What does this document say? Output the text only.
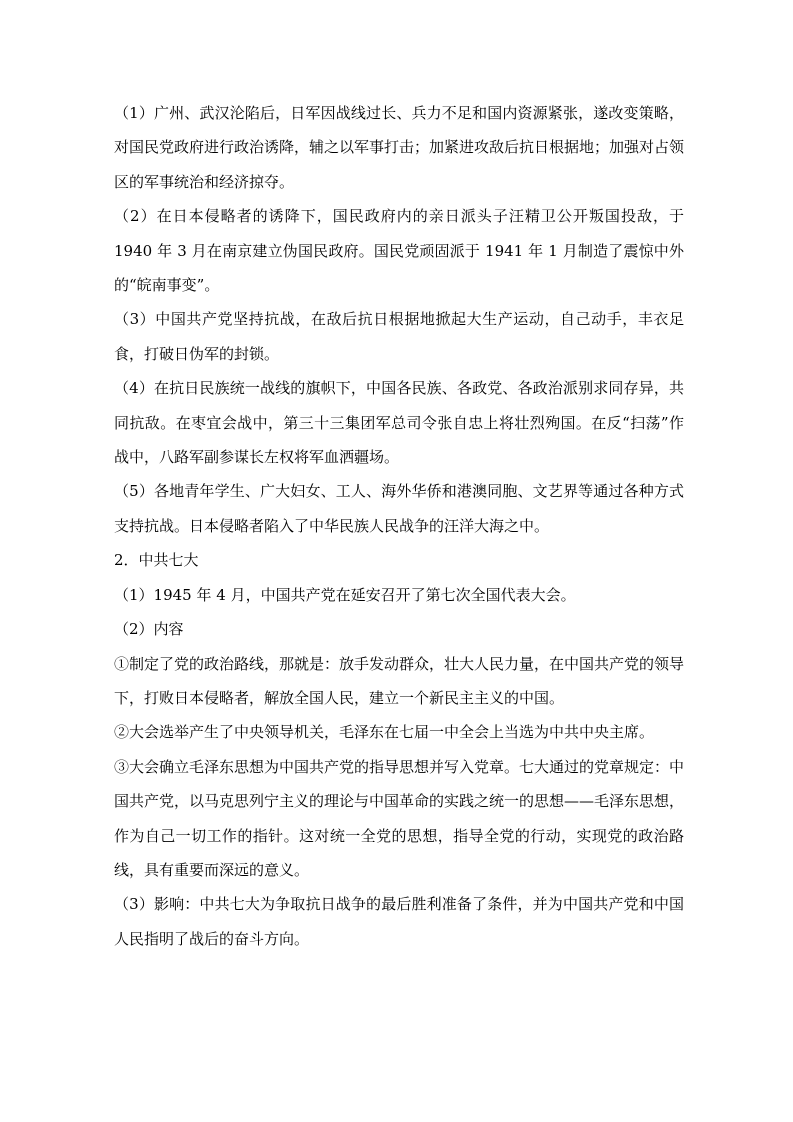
（1）广州、武汉沦陷后，日军因战线过长、兵力不足和国内资源紧张，遂改变策略，对国民党政府进行政治诱降，辅之以军事打击；加紧进攻敌后抗日根据地；加强对占领区的军事统治和经济掠夺。

（2）在日本侵略者的诱降下，国民政府内的亲日派头子汪精卫公开叛国投敌，于 1940 年 3 月在南京建立伪国民政府。国民党顽固派于 1941 年 1 月制造了震惊中外的“皖南事变”。

（3）中国共产党坚持抗战，在敌后抗日根据地掀起大生产运动，自己动手，丰衣足食，打破日伪军的封锁。

（4）在抗日民族统一战线的旗帜下，中国各民族、各政党、各政治派别求同存异，共同抗敌。在枣宜会战中，第三十三集团军总司令张自忠上将壮烈殉国。在反“扫荡”作战中，八路军副参谋长左权将军血洒疆场。

（5）各地青年学生、广大妇女、工人、海外华侨和港澳同胞、文艺界等通过各种方式支持抗战。日本侵略者陷入了中华民族人民战争的汪洋大海之中。

2．中共七大

（1）1945 年 4 月，中国共产党在延安召开了第七次全国代表大会。

（2）内容

①制定了党的政治路线，那就是：放手发动群众，壮大人民力量，在中国共产党的领导下，打败日本侵略者，解放全国人民，建立一个新民主主义的中国。

②大会选举产生了中央领导机关，毛泽东在七届一中全会上当选为中共中央主席。

③大会确立毛泽东思想为中国共产党的指导思想并写入党章。七大通过的党章规定：中国共产党，以马克思列宁主义的理论与中国革命的实践之统一的思想——毛泽东思想，作为自己一切工作的指针。这对统一全党的思想，指导全党的行动，实现党的政治路线，具有重要而深远的意义。

（3）影响：中共七大为争取抗日战争的最后胜利准备了条件，并为中国共产党和中国人民指明了战后的奋斗方向。
